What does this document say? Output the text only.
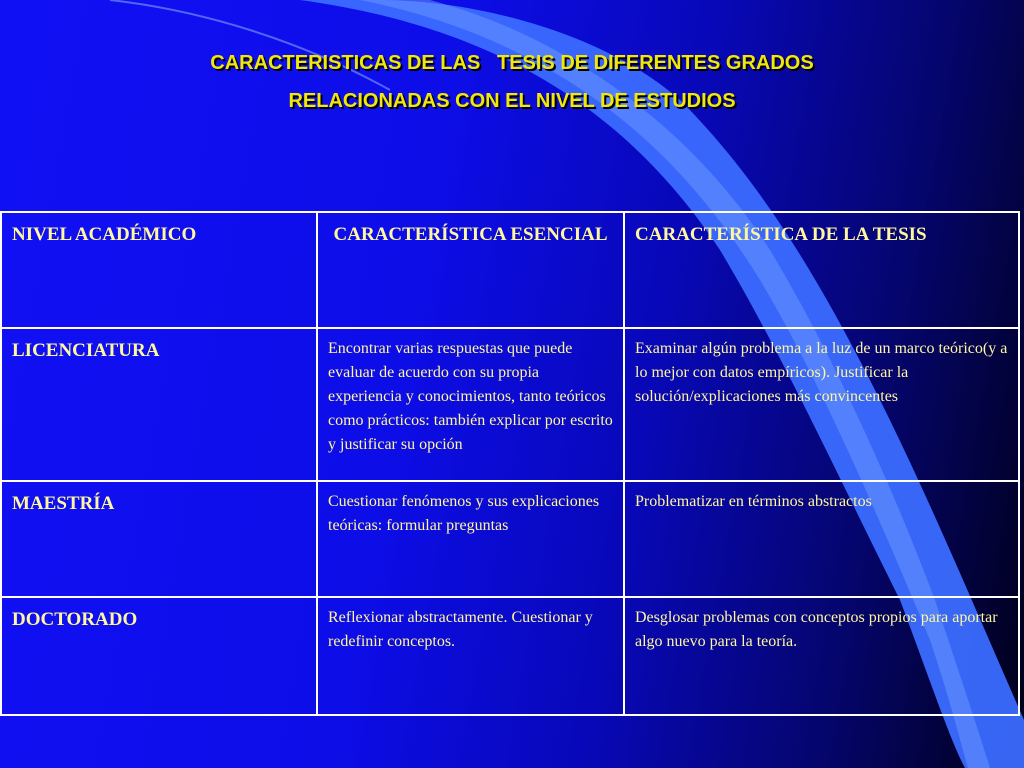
CARACTERISTICAS DE LAS   TESIS DE DIFERENTES GRADOS
RELACIONADAS CON EL NIVEL DE ESTUDIOS
NIVEL ACADÉMICO	CARACTERÍSTICA ESENCIAL	CARACTERÍSTICA DE LA TESIS

LICENCIATURA	Encontrar varias respuestas que puede evaluar de acuerdo con su propia experiencia y conocimientos, tanto teóricos como prácticos: también explicar por escrito y justificar su opción	Examinar algún problema a la luz de un marco teórico(y a lo mejor con datos empíricos). Justificar la solución/explicaciones más convincentes

MAESTRÍA	Cuestionar fenómenos y sus explicaciones teóricas: formular preguntas	Problematizar en términos abstractos

DOCTORADO	Reflexionar abstractamente. Cuestionar y redefinir conceptos.	Desglosar problemas con conceptos propios para aportar algo nuevo para la teoría.
